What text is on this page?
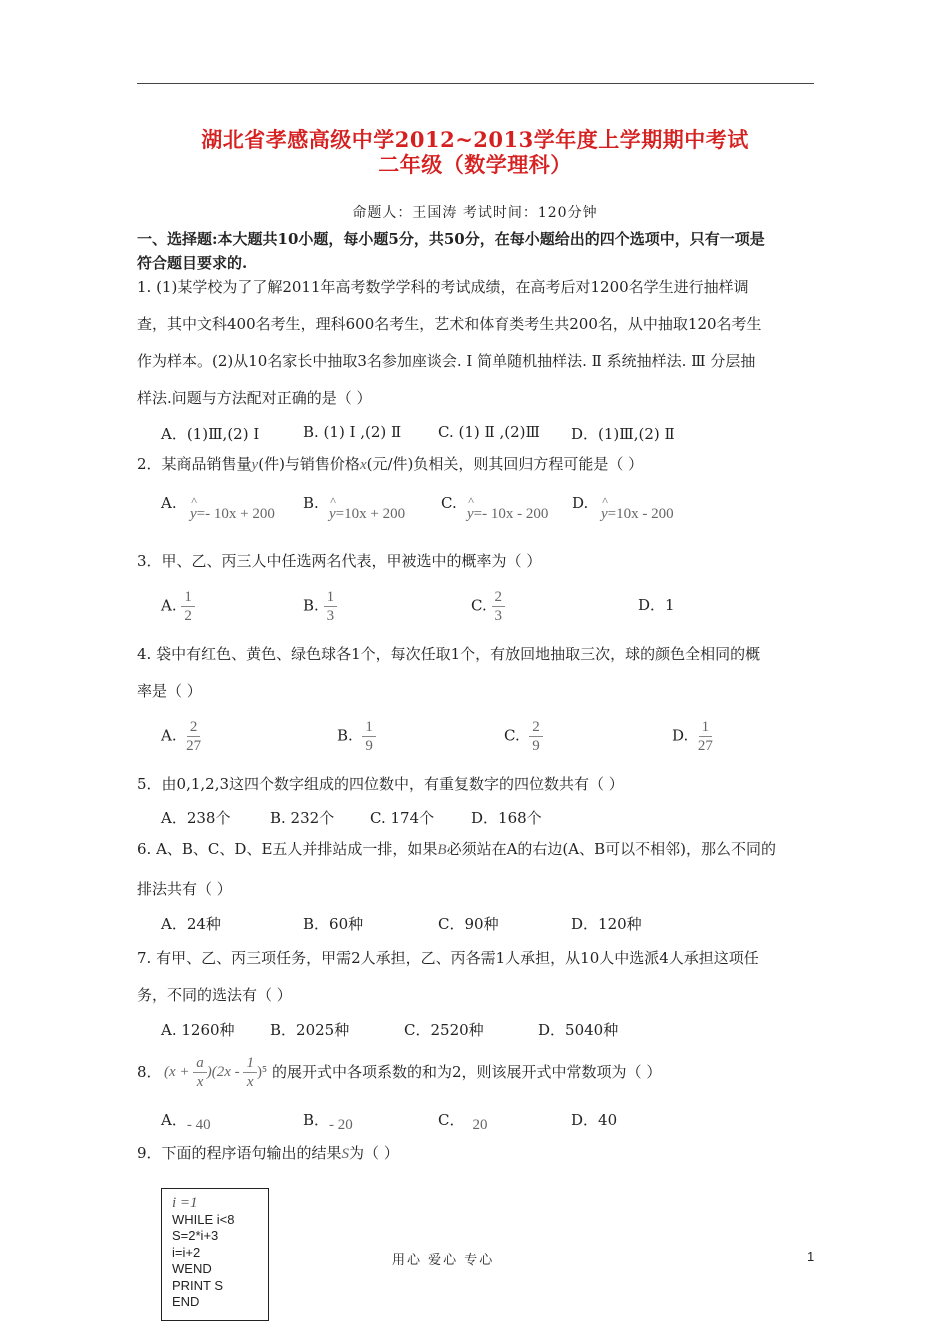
湖北省孝感高级中学2012~2013学年度上学期期中考试
二年级（数学理科）
命题人：王国涛 考试时间：120分钟
一、选择题:本大题共10小题，每小题5分，共50分，在每小题给出的四个选项中，只有一项是
符合题目要求的.
1. (1)某学校为了了解2011年高考数学学科的考试成绩，在高考后对1200名学生进行抽样调
查，其中文科400名考生，理科600名考生，艺术和体育类考生共200名，从中抽取120名考生
作为样本。(2)从10名家长中抽取3名参加座谈会. Ⅰ 简单随机抽样法. Ⅱ 系统抽样法. Ⅲ 分层抽
样法.问题与方法配对正确的是（ ）
A．(1)Ⅲ,(2) Ⅰ	B. (1) Ⅰ ,(2) Ⅱ C. (1) Ⅱ ,(2)Ⅲ D．(1)Ⅲ,(2) Ⅱ
2．某商品销售量y(件)与销售价格x(元/件)负相关，则其回归方程可能是（ ）
A.
^ y=- 10x + 200
B.
^ y=10x + 200
C.
^ y=- 10x - 200
D.
^ y=10x - 200
3．甲、乙、丙三人中任选两名代表，甲被选中的概率为（ ）
A. $\frac{1}{2}$	B. $\frac{1}{3}$	C. $\frac{2}{3}$	D．1
4. 袋中有红色、黄色、绿色球各1个，每次任取1个，有放回地抽取三次，球的颜色全相同的概
率是（ ）
A. $\frac{2}{27}$	B. $\frac{1}{9}$	C. $\frac{2}{9}$	D. $\frac{1}{27}$
5．由0,1,2,3这四个数字组成的四位数中，有重复数字的四位数共有（ ）
A．238个	B. 232个 C. 174个 D．168个
6. A、B、C、D、E五人并排站成一排，如果B必须站在A的右边(A、B可以不相邻)，那么不同的
排法共有（ ）
A．24种	B．60种	C．90种	D．120种
7. 有甲、乙、丙三项任务，甲需2人承担，乙、丙各需1人承担，从10人中选派4人承担这项任
务，不同的选法有（ ）
A. 1260种 B．2025种	C．2520种	D．5040种
8． $(x + \frac{a}{x} )(2x - \frac{1}{x} )^5$ 的展开式中各项系数的和为2，则该展开式中常数项为（ ）
A．- 40	B．- 20	C． 20	D．40
9．下面的程序语句输出的结果S为（ ）
i =1
WHILE i<8
S=2*i+3
i=i+2
WEND
PRINT S
END
用心 爱心 专心	1
